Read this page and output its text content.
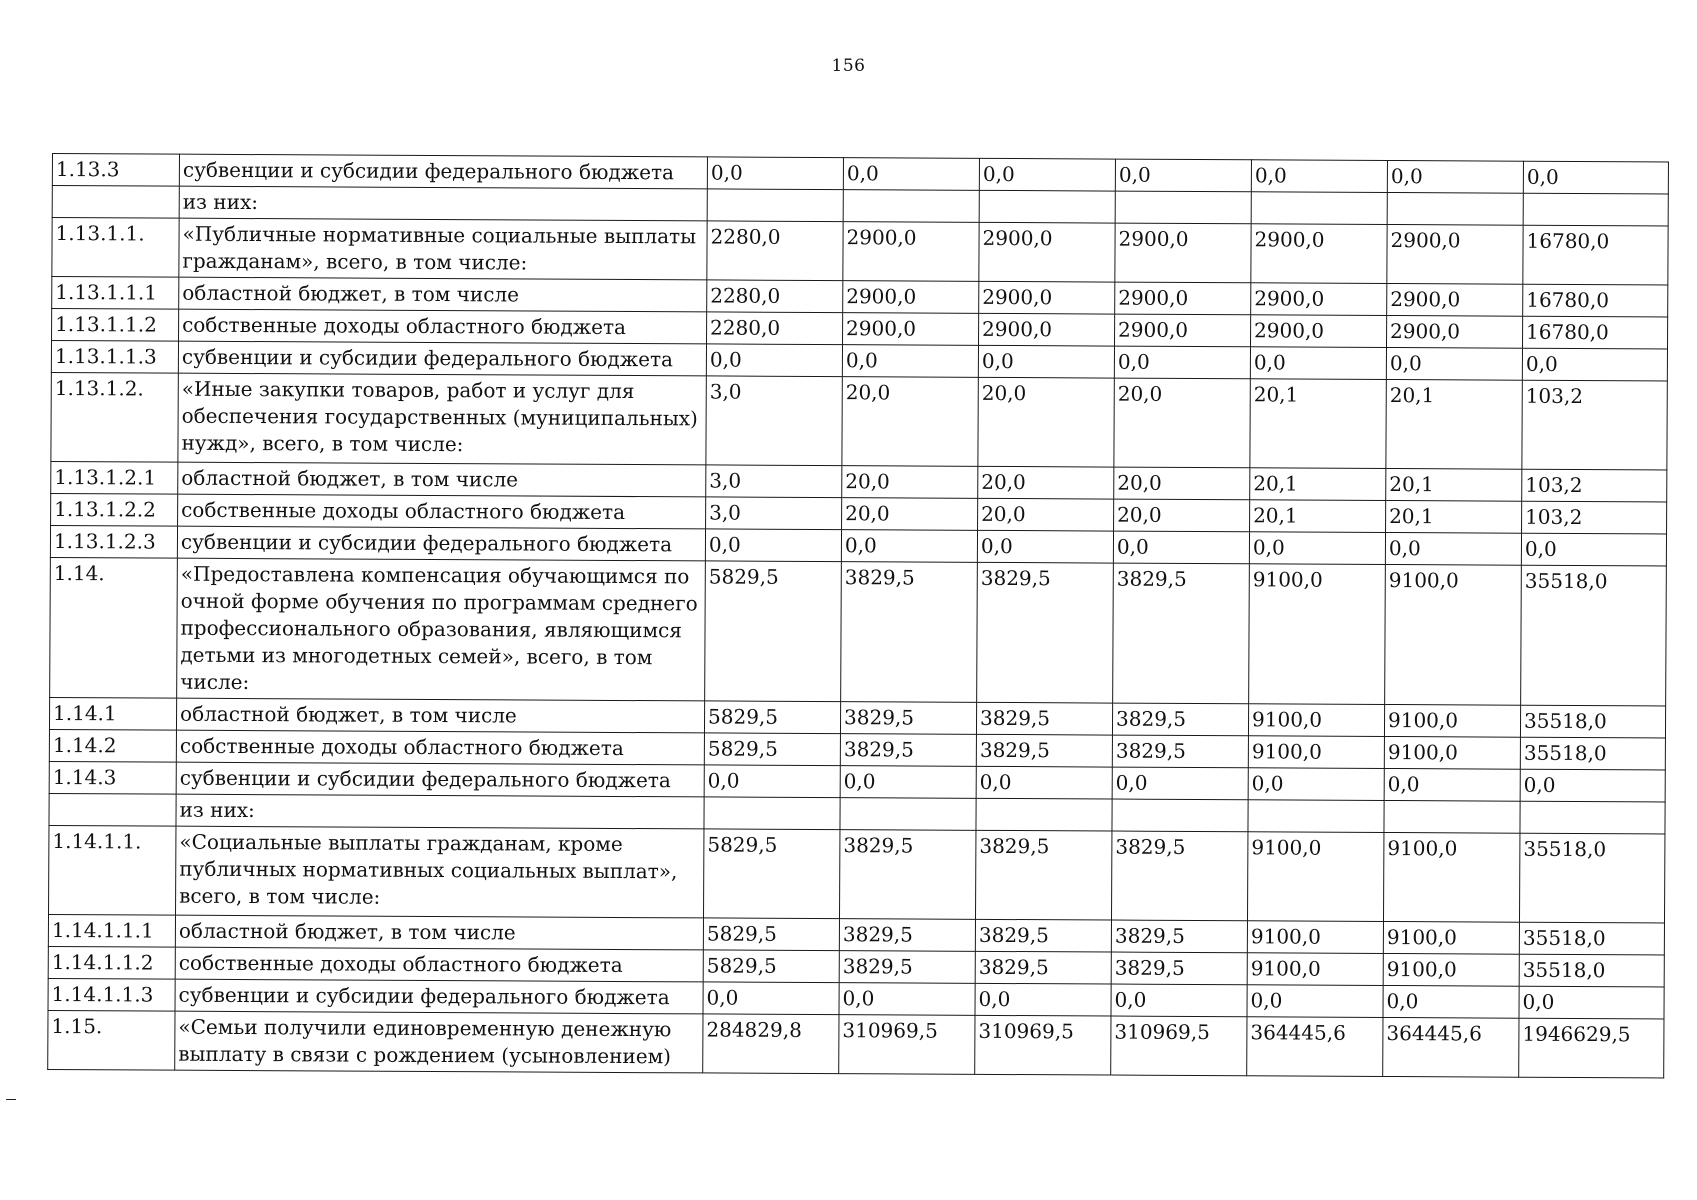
156
1.13.3	субвенции и субсидии федерального бюджета	0,0	0,0	0,0	0,0	0,0	0,0	0,0
	из них:							
1.13.1.1.	«Публичные нормативные социальные выплаты гражданам», всего, в том числе:	2280,0	2900,0	2900,0	2900,0	2900,0	2900,0	16780,0
1.13.1.1.1	областной бюджет, в том числе	2280,0	2900,0	2900,0	2900,0	2900,0	2900,0	16780,0
1.13.1.1.2	собственные доходы областного бюджета	2280,0	2900,0	2900,0	2900,0	2900,0	2900,0	16780,0
1.13.1.1.3	субвенции и субсидии федерального бюджета	0,0	0,0	0,0	0,0	0,0	0,0	0,0
1.13.1.2.	«Иные закупки товаров, работ и услуг для обеспечения государственных (муниципальных) нужд», всего, в том числе:	3,0	20,0	20,0	20,0	20,1	20,1	103,2
1.13.1.2.1	областной бюджет, в том числе	3,0	20,0	20,0	20,0	20,1	20,1	103,2
1.13.1.2.2	собственные доходы областного бюджета	3,0	20,0	20,0	20,0	20,1	20,1	103,2
1.13.1.2.3	субвенции и субсидии федерального бюджета	0,0	0,0	0,0	0,0	0,0	0,0	0,0
1.14.	«Предоставлена компенсация обучающимся по очной форме обучения по программам среднего профессионального образования, являющимся детьми из многодетных семей», всего, в том числе:	5829,5	3829,5	3829,5	3829,5	9100,0	9100,0	35518,0
1.14.1	областной бюджет, в том числе	5829,5	3829,5	3829,5	3829,5	9100,0	9100,0	35518,0
1.14.2	собственные доходы областного бюджета	5829,5	3829,5	3829,5	3829,5	9100,0	9100,0	35518,0
1.14.3	субвенции и субсидии федерального бюджета	0,0	0,0	0,0	0,0	0,0	0,0	0,0
	из них:							
1.14.1.1.	«Социальные выплаты гражданам, кроме публичных нормативных социальных выплат», всего, в том числе:	5829,5	3829,5	3829,5	3829,5	9100,0	9100,0	35518,0
1.14.1.1.1	областной бюджет, в том числе	5829,5	3829,5	3829,5	3829,5	9100,0	9100,0	35518,0
1.14.1.1.2	собственные доходы областного бюджета	5829,5	3829,5	3829,5	3829,5	9100,0	9100,0	35518,0
1.14.1.1.3	субвенции и субсидии федерального бюджета	0,0	0,0	0,0	0,0	0,0	0,0	0,0
1.15.	«Семьи получили единовременную денежную выплату в связи с рождением (усыновлением)	284829,8	310969,5	310969,5	310969,5	364445,6	364445,6	1946629,5
